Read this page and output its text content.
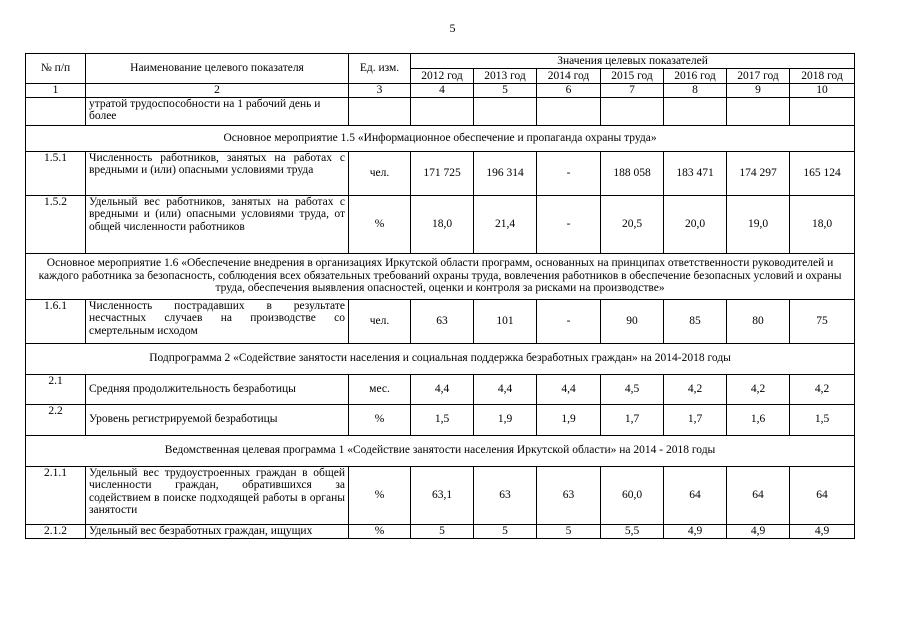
5
№ п/п	Наименование целевого показателя	Ед. изм.	Значения целевых показателей						
			2012 год	2013 год	2014 год	2015 год	2016 год	2017 год	2018 год
1	2	3	4	5	6	7	8	9	10
	утратой трудоспособности на 1 рабочий день и более								
Основное мероприятие 1.5 «Информационное обеспечение и пропаганда охраны труда»									
1.5.1	Численность работников, занятых на работах с вредными и (или) опасными условиями труда	чел.	171 725	196 314	-	188 058	183 471	174 297	165 124
1.5.2	Удельный вес работников, занятых на работах с вредными и (или) опасными условиями труда, от общей численности работников	%	18,0	21,4	-	20,5	20,0	19,0	18,0
Основное мероприятие 1.6 «Обеспечение внедрения в организациях Иркутской области программ, основанных на принципах ответственности руководителей и каждого работника за безопасность, соблюдения всех обязательных требований охраны труда, вовлечения работников в обеспечение безопасных условий и охраны труда, обеспечения выявления опасностей, оценки и контроля за рисками на производстве»									
1.6.1	Численность пострадавших в результате несчастных случаев на производстве со смертельным исходом	чел.	63	101	-	90	85	80	75
Подпрограмма 2 «Содействие занятости населения и социальная поддержка безработных граждан» на 2014-2018 годы									
2.1	Средняя продолжительность безработицы	мес.	4,4	4,4	4,4	4,5	4,2	4,2	4,2
2.2	Уровень регистрируемой безработицы	%	1,5	1,9	1,9	1,7	1,7	1,6	1,5
Ведомственная целевая программа 1 «Содействие занятости населения Иркутской области» на 2014 - 2018 годы									
2.1.1	Удельный вес трудоустроенных граждан в общей численности граждан, обратившихся за содействием в поиске подходящей работы в органы занятости	%	63,1	63	63	60,0	64	64	64
2.1.2	Удельный вес безработных граждан, ищущих	%	5	5	5	5,5	4,9	4,9	4,9
